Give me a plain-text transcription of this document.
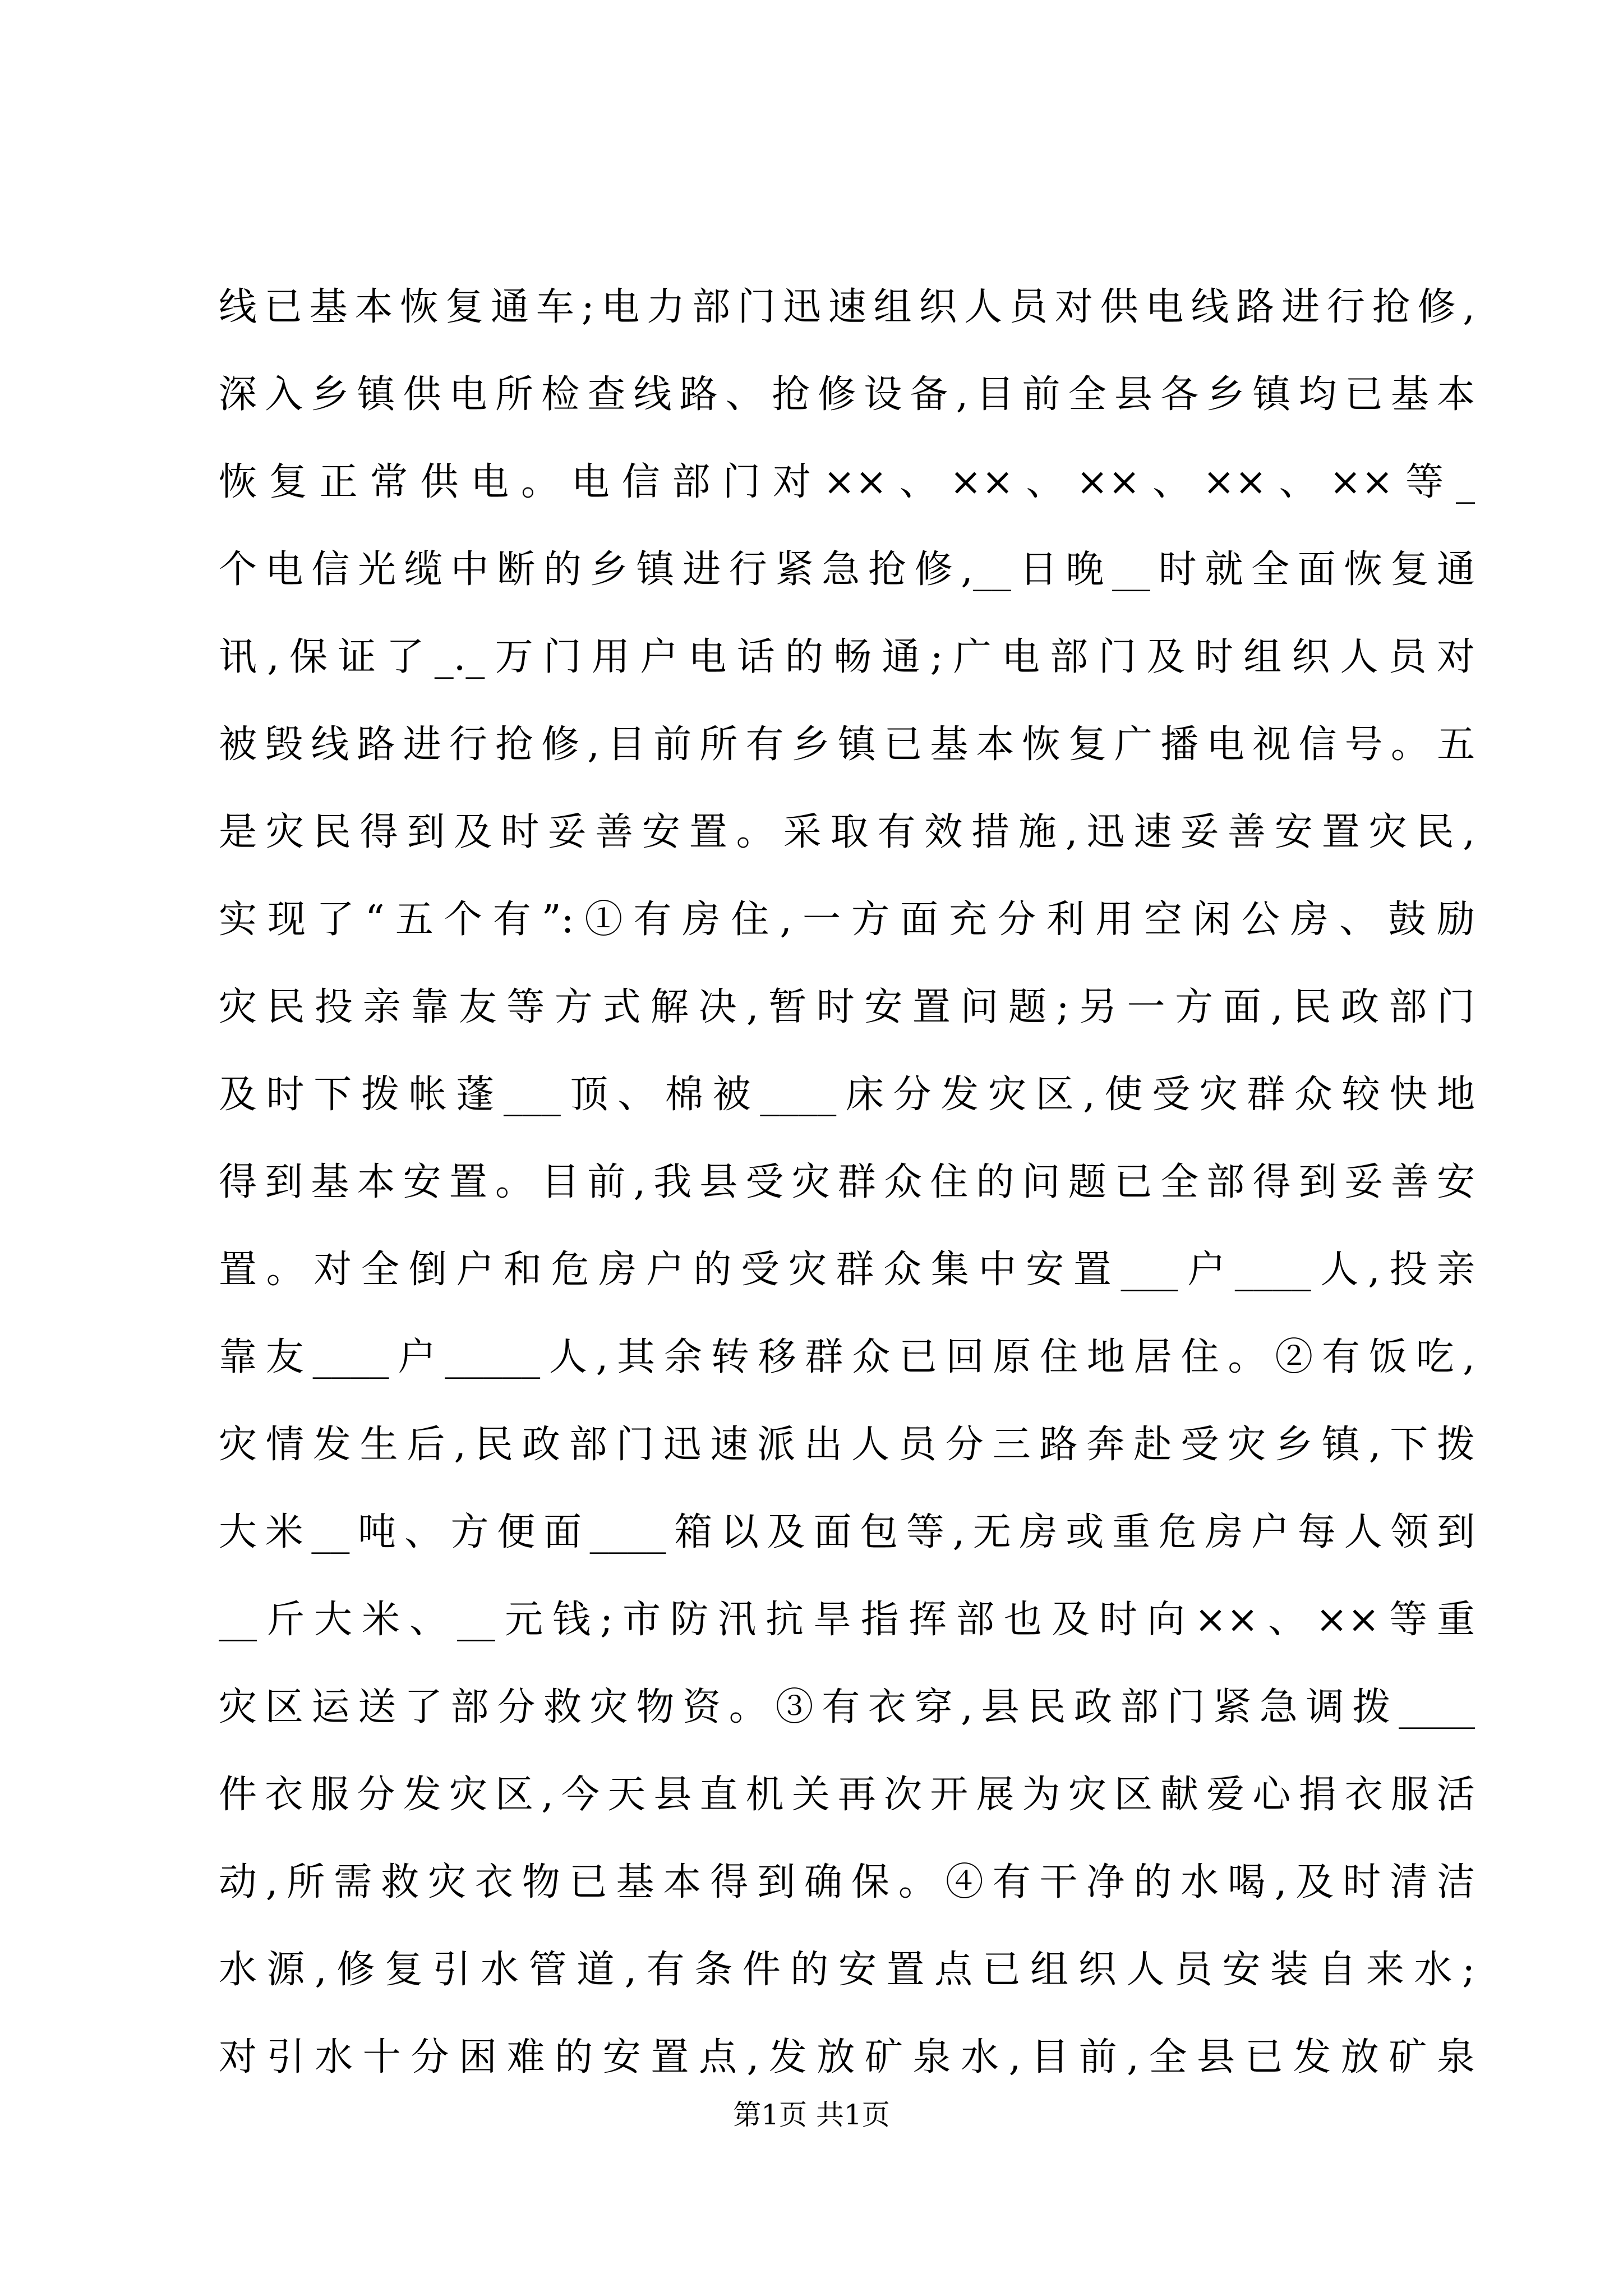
线已基本恢复通车;电力部门迅速组织人员对供电线路进行抢修,
深入乡镇供电所检查线路、抢修设备,目前全县各乡镇均已基本
恢复正常供电。电信部门对××、××、××、××、××等_
个电信光缆中断的乡镇进行紧急抢修,__日晚__时就全面恢复通
讯,保证了_._万门用户电话的畅通;广电部门及时组织人员对
被毁线路进行抢修,目前所有乡镇已基本恢复广播电视信号。五
是灾民得到及时妥善安置。采取有效措施,迅速妥善安置灾民,
实现了“五个有”:①有房住,一方面充分利用空闲公房、鼓励
灾民投亲靠友等方式解决,暂时安置问题;另一方面,民政部门
及时下拨帐蓬___顶、棉被____床分发灾区,使受灾群众较快地
得到基本安置。目前,我县受灾群众住的问题已全部得到妥善安
置。对全倒户和危房户的受灾群众集中安置___户____人,投亲
靠友____户_____人,其余转移群众已回原住地居住。②有饭吃,
灾情发生后,民政部门迅速派出人员分三路奔赴受灾乡镇,下拨
大米__吨、方便面____箱以及面包等,无房或重危房户每人领到
__斤大米、__元钱;市防汛抗旱指挥部也及时向××、××等重
灾区运送了部分救灾物资。③有衣穿,县民政部门紧急调拨____
件衣服分发灾区,今天县直机关再次开展为灾区献爱心捐衣服活
动,所需救灾衣物已基本得到确保。④有干净的水喝,及时清洁
水源,修复引水管道,有条件的安置点已组织人员安装自来水;
对引水十分困难的安置点,发放矿泉水,目前,全县已发放矿泉
第1页 共1页
